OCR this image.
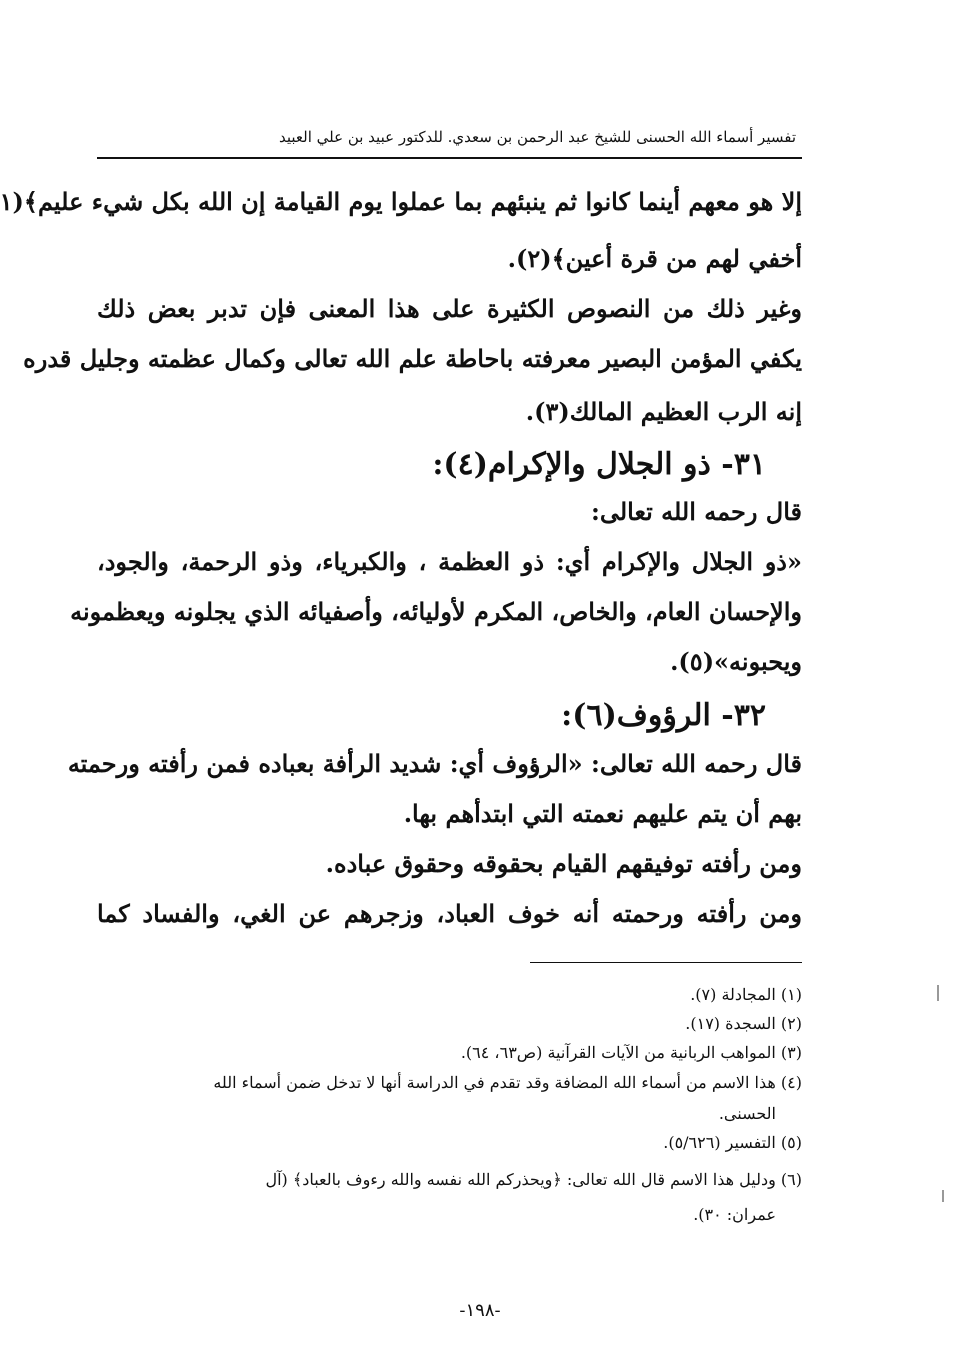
تفسير أسماء الله الحسنى للشيخ عبد الرحمن بن سعدي. للدكتور عبيد بن علي العبيد
إلا هو معهم أينما كانوا ثم ينبئهم بما عملوا يوم القيامة إن الله بكل شيء عليم﴾(١
أخفي لهم من قرة أعين﴾(٢).
وغير ذلك من النصوص الكثيرة على هذا المعنى فإن تدبر بعض ذلك
يكفي المؤمن البصير معرفته باحاطة علم الله تعالى وكمال عظمته وجليل قدره
إنه الرب العظيم المالك(٣).
قال رحمه الله تعالى:
«ذو الجلال والإكرام أي: ذو العظمة ، والكبرياء، وذو الرحمة، والجود،
والإحسان العام، والخاص، المكرم لأوليائه، وأصفيائه الذي يجلونه ويعظمونه
ويحبونه»(٥).
قال رحمه الله تعالى: «الرؤوف أي: شديد الرأفة بعباده فمن رأفته ورحمته
بهم أن يتم عليهم نعمته التي ابتدأهم بها.
ومن رأفته توفيقهم القيام بحقوقه وحقوق عباده.
ومن رأفته ورحمته أنه خوف العباد، وزجرهم عن الغي، والفساد كما
٣١- ذو الجلال والإكرام(٤):
٣٢- الرؤوف(٦):
(١) المجادلة (٧).
(٢) السجدة (١٧).
(٣) المواهب الربانية من الآيات القرآنية (ص٦٣، ٦٤).
(٤) هذا الاسم من أسماء الله المضافة وقد تقدم في الدراسة أنها لا تدخل ضمن أسماء الله
الحسنى.
(٥) التفسير (٥/٦٢٦).
(٦) ودليل هذا الاسم قال الله تعالى: ﴿ويحذركم الله نفسه والله رءوف بالعباد﴾ (آل
عمران: ٣٠).
-١٩٨-
